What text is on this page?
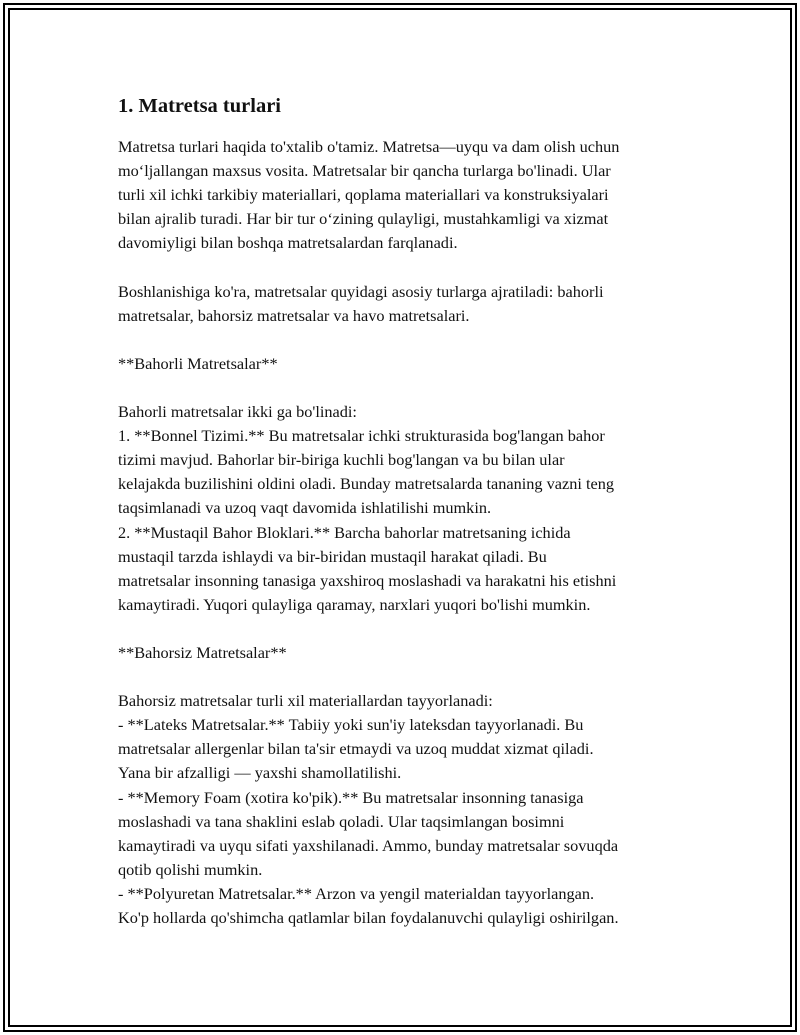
1. Matretsa turlari
Matretsa turlari haqida to'xtalib o'tamiz. Matretsa—uyqu va dam olish uchun
mo‘ljallangan maxsus vosita. Matretsalar bir qancha turlarga bo'linadi. Ular
turli xil ichki tarkibiy materiallari, qoplama materiallari va konstruksiyalari
bilan ajralib turadi. Har bir tur o‘zining qulayligi, mustahkamligi va xizmat
davomiyligi bilan boshqa matretsalardan farqlanadi.
Boshlanishiga ko'ra, matretsalar quyidagi asosiy turlarga ajratiladi: bahorli
matretsalar, bahorsiz matretsalar va havo matretsalari.
**Bahorli Matretsalar**
Bahorli matretsalar ikki ga bo'linadi:
1. **Bonnel Tizimi.** Bu matretsalar ichki strukturasida bog'langan bahor
tizimi mavjud. Bahorlar bir-biriga kuchli bog'langan va bu bilan ular
kelajakda buzilishini oldini oladi. Bunday matretsalarda tananing vazni teng
taqsimlanadi va uzoq vaqt davomida ishlatilishi mumkin.
2. **Mustaqil Bahor Bloklari.** Barcha bahorlar matretsaning ichida
mustaqil tarzda ishlaydi va bir-biridan mustaqil harakat qiladi. Bu
matretsalar insonning tanasiga yaxshiroq moslashadi va harakatni his etishni
kamaytiradi. Yuqori qulayliga qaramay, narxlari yuqori bo'lishi mumkin.
**Bahorsiz Matretsalar**
Bahorsiz matretsalar turli xil materiallardan tayyorlanadi:
- **Lateks Matretsalar.** Tabiiy yoki sun'iy lateksdan tayyorlanadi. Bu
matretsalar allergenlar bilan ta'sir etmaydi va uzoq muddat xizmat qiladi.
Yana bir afzalligi — yaxshi shamollatilishi.
- **Memory Foam (xotira ko'pik).** Bu matretsalar insonning tanasiga
moslashadi va tana shaklini eslab qoladi. Ular taqsimlangan bosimni
kamaytiradi va uyqu sifati yaxshilanadi. Ammo, bunday matretsalar sovuqda
qotib qolishi mumkin.
- **Polyuretan Matretsalar.** Arzon va yengil materialdan tayyorlangan.
Ko'p hollarda qo'shimcha qatlamlar bilan foydalanuvchi qulayligi oshirilgan.
